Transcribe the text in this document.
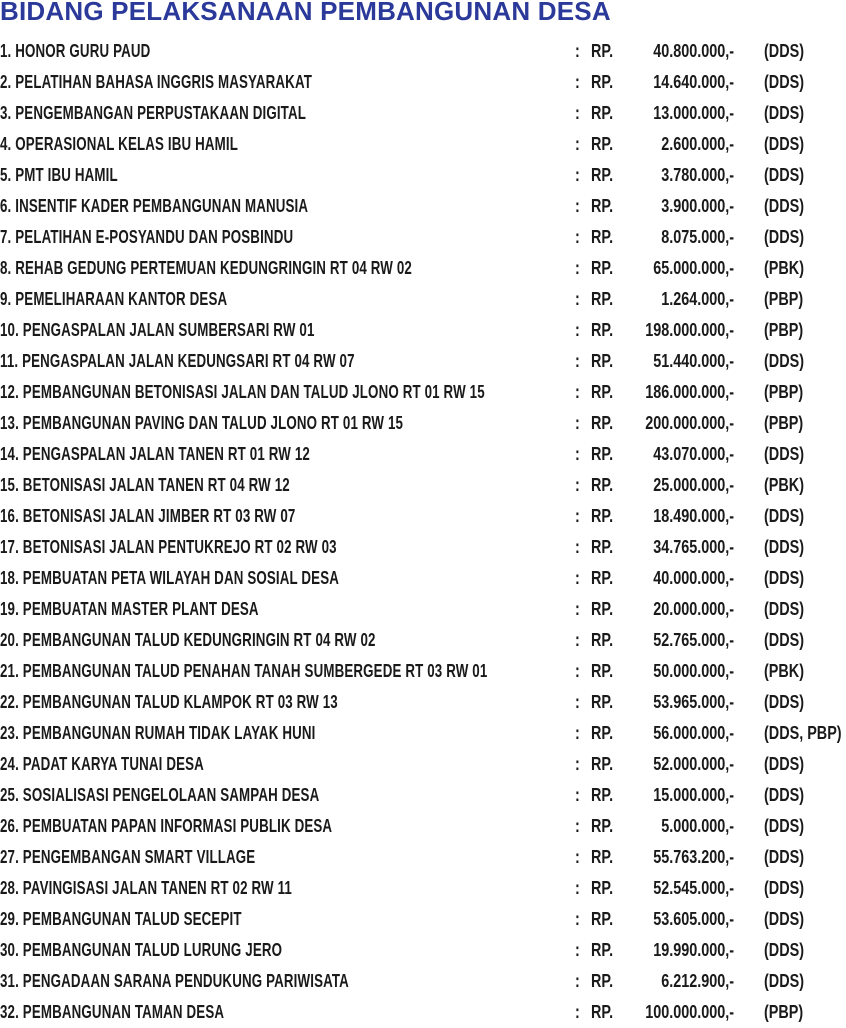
BIDANG PELAKSANAAN PEMBANGUNAN DESA
1. HONOR GURU PAUD	: RP. 40.800.000,- (DDS)
2. PELATIHAN BAHASA INGGRIS MASYARAKAT	: RP. 14.640.000,- (DDS)
3. PENGEMBANGAN PERPUSTAKAAN DIGITAL	: RP. 13.000.000,- (DDS)
4. OPERASIONAL KELAS IBU HAMIL	: RP.	2.600.000,- (DDS)
5. PMT IBU HAMIL	: RP.	3.780.000,- (DDS)
6. INSENTIF KADER PEMBANGUNAN MANUSIA	: RP.	3.900.000,- (DDS)
7. PELATIHAN E-POSYANDU DAN POSBINDU	: RP.	8.075.000,- (DDS)
8. REHAB GEDUNG PERTEMUAN KEDUNGRINGIN RT 04 RW 02	: RP. 65.000.000,- (PBK)
9. PEMELIHARAAN KANTOR DESA	: RP.	1.264.000,- (PBP)
10. PENGASPALAN JALAN SUMBERSARI RW 01	: RP. 198.000.000,- (PBP)
11. PENGASPALAN JALAN KEDUNGSARI RT 04 RW 07	: RP. 51.440.000,- (DDS)
12. PEMBANGUNAN BETONISASI JALAN DAN TALUD JLONO RT 01 RW 15	: RP. 186.000.000,- (PBP)
13. PEMBANGUNAN PAVING DAN TALUD JLONO RT 01 RW 15	: RP. 200.000.000,- (PBP)
14. PENGASPALAN JALAN TANEN RT 01 RW 12	: RP. 43.070.000,- (DDS)
15. BETONISASI JALAN TANEN RT 04 RW 12	: RP. 25.000.000,- (PBK)
16. BETONISASI JALAN JIMBER RT 03 RW 07	: RP. 18.490.000,- (DDS)
17. BETONISASI JALAN PENTUKREJO RT 02 RW 03	: RP. 34.765.000,- (DDS)
18. PEMBUATAN PETA WILAYAH DAN SOSIAL DESA	: RP. 40.000.000,- (DDS)
19. PEMBUATAN MASTER PLANT DESA	: RP. 20.000.000,- (DDS)
20. PEMBANGUNAN TALUD KEDUNGRINGIN RT 04 RW 02	: RP. 52.765.000,- (DDS)
21. PEMBANGUNAN TALUD PENAHAN TANAH SUMBERGEDE RT 03 RW 01	: RP. 50.000.000,- (PBK)
22. PEMBANGUNAN TALUD KLAMPOK RT 03 RW 13	: RP. 53.965.000,- (DDS)
23. PEMBANGUNAN RUMAH TIDAK LAYAK HUNI	: RP. 56.000.000,- (DDS, PBP)
24. PADAT KARYA TUNAI DESA	: RP. 52.000.000,- (DDS)
25. SOSIALISASI PENGELOLAAN SAMPAH DESA	: RP. 15.000.000,- (DDS)
26. PEMBUATAN PAPAN INFORMASI PUBLIK DESA	: RP.	5.000.000,- (DDS)
27. PENGEMBANGAN SMART VILLAGE	: RP. 55.763.200,- (DDS)
28. PAVINGISASI JALAN TANEN RT 02 RW 11	: RP. 52.545.000,- (DDS)
29. PEMBANGUNAN TALUD SECEPIT	: RP. 53.605.000,- (DDS)
30. PEMBANGUNAN TALUD LURUNG JERO	: RP. 19.990.000,- (DDS)
31. PENGADAAN SARANA PENDUKUNG PARIWISATA	: RP.	6.212.900,- (DDS)
32. PEMBANGUNAN TAMAN DESA	: RP. 100.000.000,- (PBP)
